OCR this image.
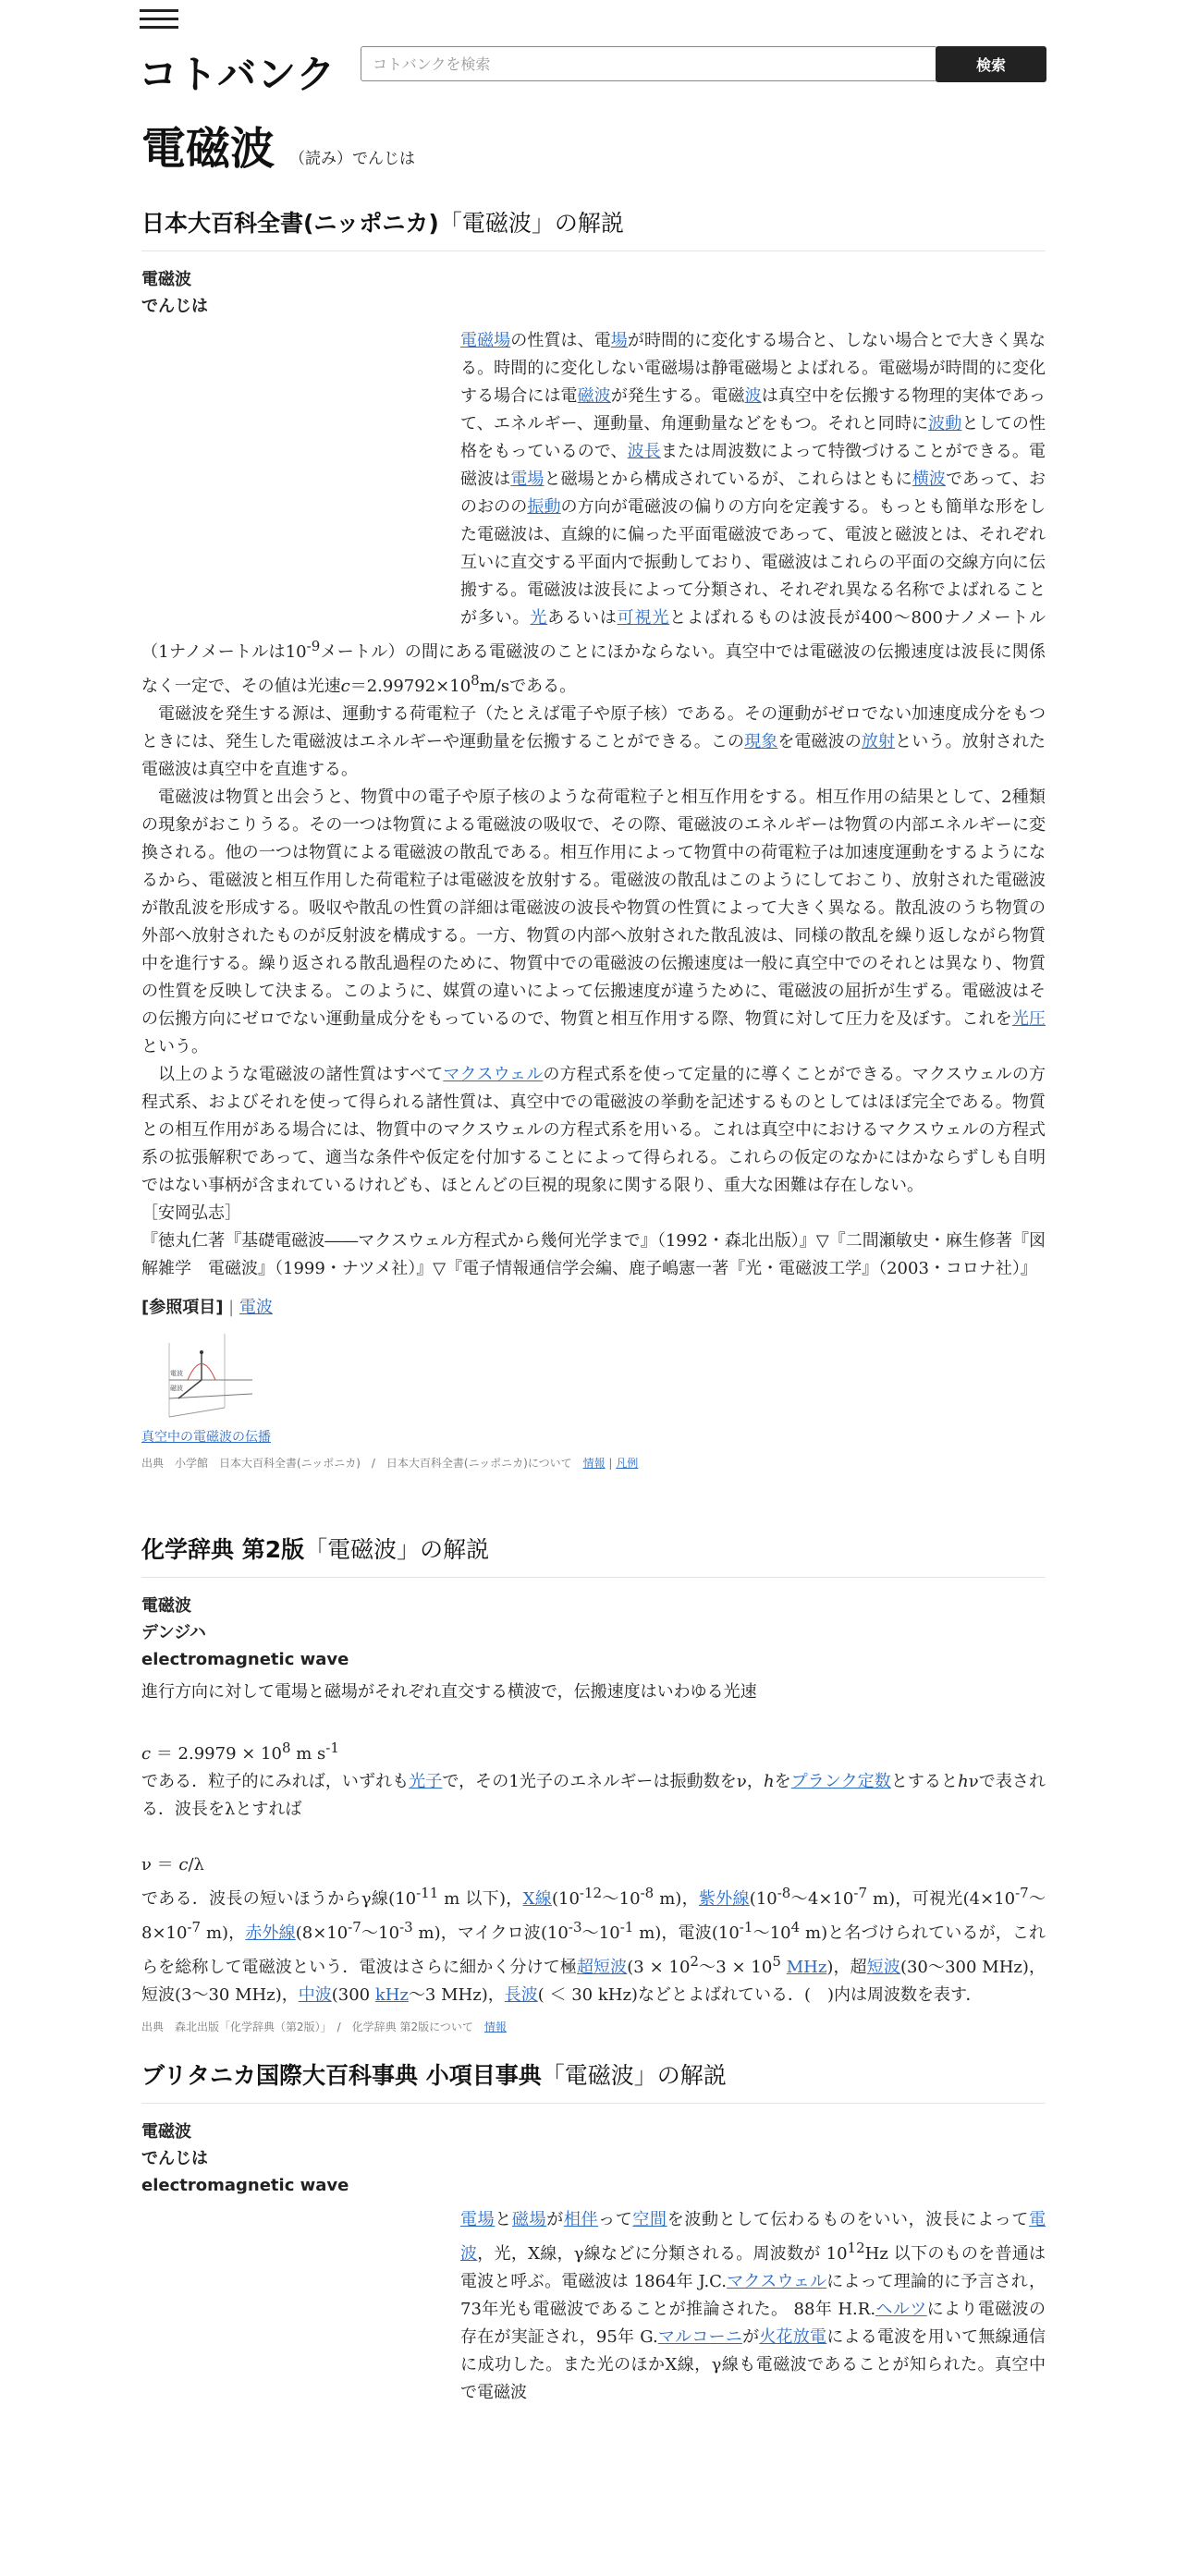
コトバンク
コトバンクを検索	検索
電磁波 （読み）でんじは
日本大百科全書(ニッポニカ)「電磁波」の解説
電磁波
でんじは

電磁場の性質は、電場が時間的に変化する場合と、しない場合とで大きく異なる。時間的に変化しない電磁場は静電磁場とよばれる。電磁場が時間的に変化する場合には電磁波が発生する。電磁波は真空中を伝搬する物理的実体であって、エネルギー、運動量、角運動量などをもつ。それと同時に波動としての性格をもっているので、波長または周波数によって特徴づけることができる。電磁波は電場と磁場とから構成されているが、これらはともに横波であって、おのおのの振動の方向が電磁波の偏りの方向を定義する。もっとも簡単な形をした電磁波は、直線的に偏った平面電磁波であって、電波と磁波とは、それぞれ互いに直交する平面内で振動しており、電磁波はこれらの平面の交線方向に伝搬する。電磁波は波長によって分類され、それぞれ異なる名称でよばれることが多い。光あるいは可視光とよばれるものは波長が400～800ナノメートル（1ナノメートルは$10^{-9}$メートル）の間にある電磁波のことにほかならない。真空中では電磁波の伝搬速度は波長に関係なく一定で、その値は光速$c=2.99792\times 10^8m/s$である。

電磁波を発生する源は、運動する荷電粒子（たとえば電子や原子核）である。その運動がゼロでない加速度成分をもつときには、発生した電磁波はエネルギーや運動量を伝搬することができる。この現象を電磁波の放射という。放射された電磁波は真空中を直進する。

電磁波は物質と出会うと、物質中の電子や原子核のような荷電粒子と相互作用をする。相互作用の結果として、2種類の現象がおこりうる。その一つは物質による電磁波の吸収で、その際、電磁波のエネルギーは物質の内部エネルギーに変換される。他の一つは物質による電磁波の散乱である。相互作用によって物質中の荷電粒子は加速度運動をするようになるから、電磁波と相互作用した荷電粒子は電磁波を放射する。電磁波の散乱はこのようにしておこり、放射された電磁波が散乱波を形成する。吸収や散乱の性質の詳細は電磁波の波長や物質の性質によって大きく異なる。散乱波のうち物質の外部へ放射されたものが反射波を構成する。一方、物質の内部へ放射された散乱波は、同様の散乱を繰り返しながら物質中を進行する。繰り返される散乱過程のために、物質中での電磁波の伝搬速度は一般に真空中でのそれとは異なり、物質の性質を反映して決まる。このように、媒質の違いによって伝搬速度が違うために、電磁波の屈折が生ずる。電磁波はその伝搬方向にゼロでない運動量成分をもっているので、物質と相互作用する際、物質に対して圧力を及ぼす。これを光圧という。

以上のような電磁波の諸性質はすべてマクスウェルの方程式系を使って定量的に導くことができる。マクスウェルの方程式系、およびそれを使って得られる諸性質は、真空中での電磁波の挙動を記述するものとしてはほぼ完全である。物質との相互作用がある場合には、物質中のマクスウェルの方程式系を用いる。これは真空中におけるマクスウェルの方程式系の拡張解釈であって、適当な条件や仮定を付加することによって得られる。これらの仮定のなかにはかならずしも自明ではない事柄が含まれているけれども、ほとんどの巨視的現象に関する限り、重大な困難は存在しない。

［安岡弘志］

『徳丸仁著『基礎電磁波――マクスウェル方程式から幾何光学まで』（1992・森北出版）』▽『二間瀬敏史・麻生修著『図解雑学　電磁波』（1999・ナツメ社）』▽『電子情報通信学会編、鹿子嶋憲一著『光・電磁波工学』（2003・コロナ社）』

[参照項目] | 電波
電波
磁波
真空中の電磁波の伝播
出典　小学館　日本大百科全書(ニッポニカ)　/　日本大百科全書(ニッポニカ)について　情報 | 凡例
化学辞典 第2版「電磁波」の解説
電磁波
デンジハ
electromagnetic wave

進行方向に対して電場と磁場がそれぞれ直交する横波で，伝搬速度はいわゆる光速

$c = 2.9979 \times 10^8$ m $s^{-1}$

である．粒子的にみれば，いずれも光子で，その1光子のエネルギーは振動数をν，hをプランク定数とするとhνで表される．波長をλとすれば

ν ＝ c/λ

である．波長の短いほうからγ線($10^{-11}$ m 以下)，X線($10^{-12}\sim 10^{-8}$ m)，紫外線($10^{-8}\sim 4\times 10^{-7}$ m)，可視光($4\times 10^{-7}\sim 8\times 10^{-7}$ m)，赤外線($8\times 10^{-7}\sim 10^{-3}$ m)，マイクロ波($10^{-3}\sim 10^{-1}$ m)，電波($10^{-1}\sim 10^4$ m)と名づけられているが，これらを総称して電磁波という．電波はさらに細かく分けて極超短波($3 \times 10^2\sim 3 \times 10^5$ MHz)，超短波(30～300 MHz)，短波(3～30 MHz)，中波(300 kHz～3 MHz)，長波( ＜ 30 kHz)などとよばれている．(　)内は周波数を表す．

出典　森北出版「化学辞典（第2版）」　/　化学辞典 第2版について　情報
ブリタニカ国際大百科事典 小項目事典「電磁波」の解説
電磁波
でんじは
electromagnetic wave

電場と磁場が相伴って空間を波動として伝わるものをいい，波長によって電波，光，X線，γ線などに分類される。周波数が $10^{12}Hz$ 以下のものを普通は電波と呼ぶ。電磁波は 1864年 J.C.マクスウェルによって理論的に予言され，73年光も電磁波であることが推論された。 88年 H.R.ヘルツにより電磁波の存在が実証され，95年 G.マルコーニが火花放電による電波を用いて無線通信に成功した。また光のほかX線，γ線も電磁波であることが知られた。真空中で電磁波
